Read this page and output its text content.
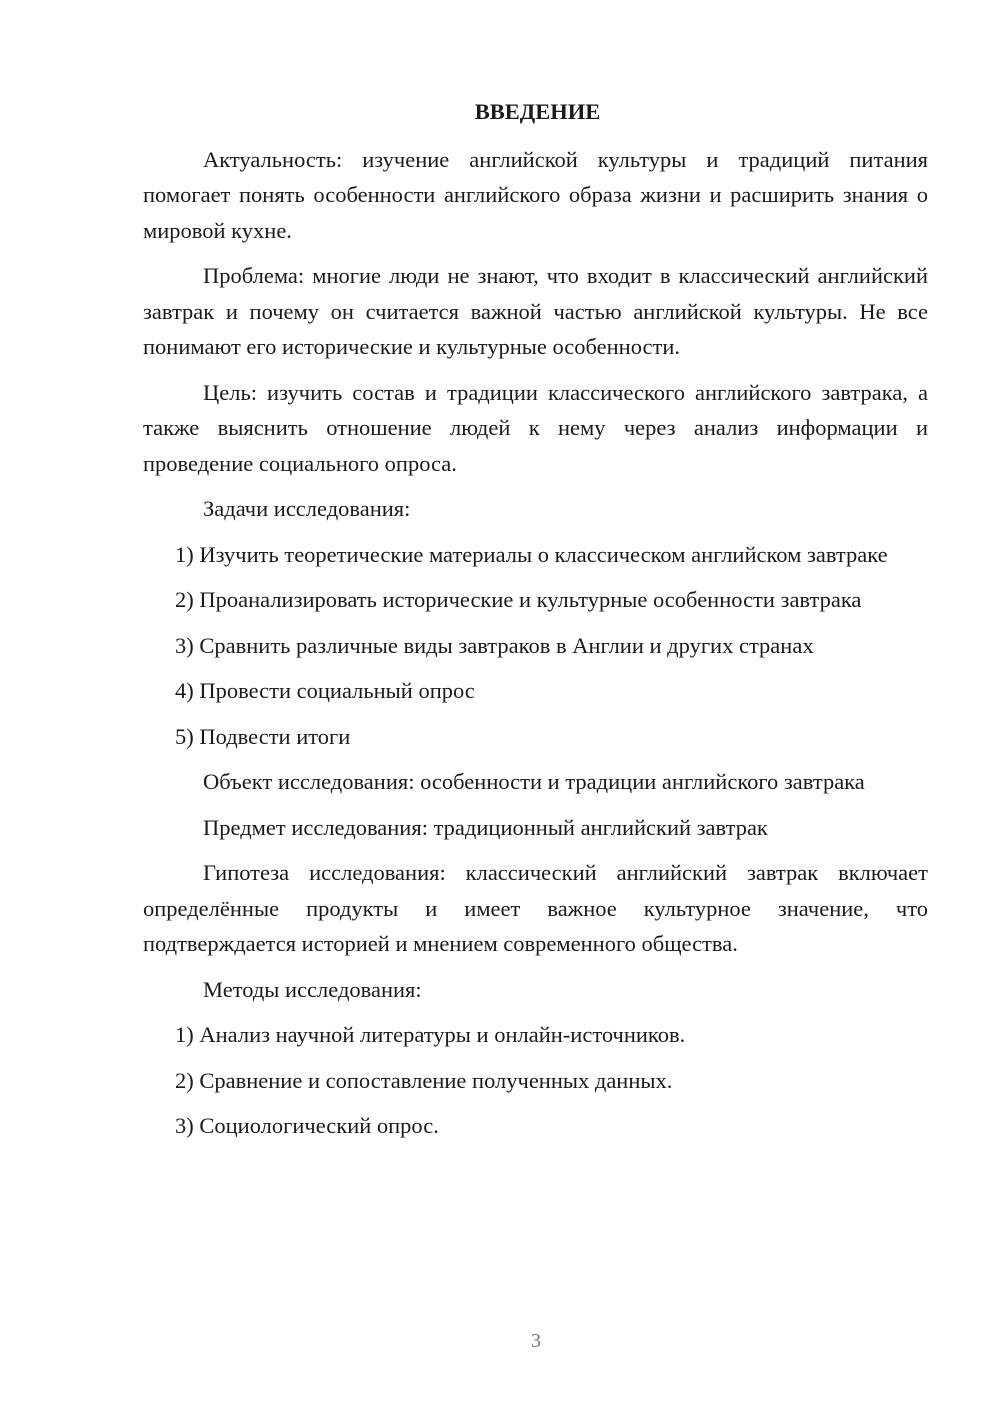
ВВЕДЕНИЕ

Актуальность: изучение английской культуры и традиций питания помогает понять особенности английского образа жизни и расширить знания о мировой кухне.

Проблема: многие люди не знают, что входит в классический английский завтрак и почему он считается важной частью английской культуры. Не все понимают его исторические и культурные особенности.

Цель: изучить состав и традиции классического английского завтрака, а также выяснить отношение людей к нему через анализ информации и проведение социального опроса.

Задачи исследования:

1) Изучить теоретические материалы о классическом английском завтраке

2) Проанализировать исторические и культурные особенности завтрака

3) Сравнить различные виды завтраков в Англии и других странах

4) Провести социальный опрос

5) Подвести итоги

Объект исследования: особенности и традиции английского завтрака

Предмет исследования: традиционный английский завтрак

Гипотеза исследования: классический английский завтрак включает определённые продукты и имеет важное культурное значение, что подтверждается историей и мнением современного общества.

Методы исследования:

1) Анализ научной литературы и онлайн-источников.

2) Сравнение и сопоставление полученных данных.

3) Социологический опрос.

3
